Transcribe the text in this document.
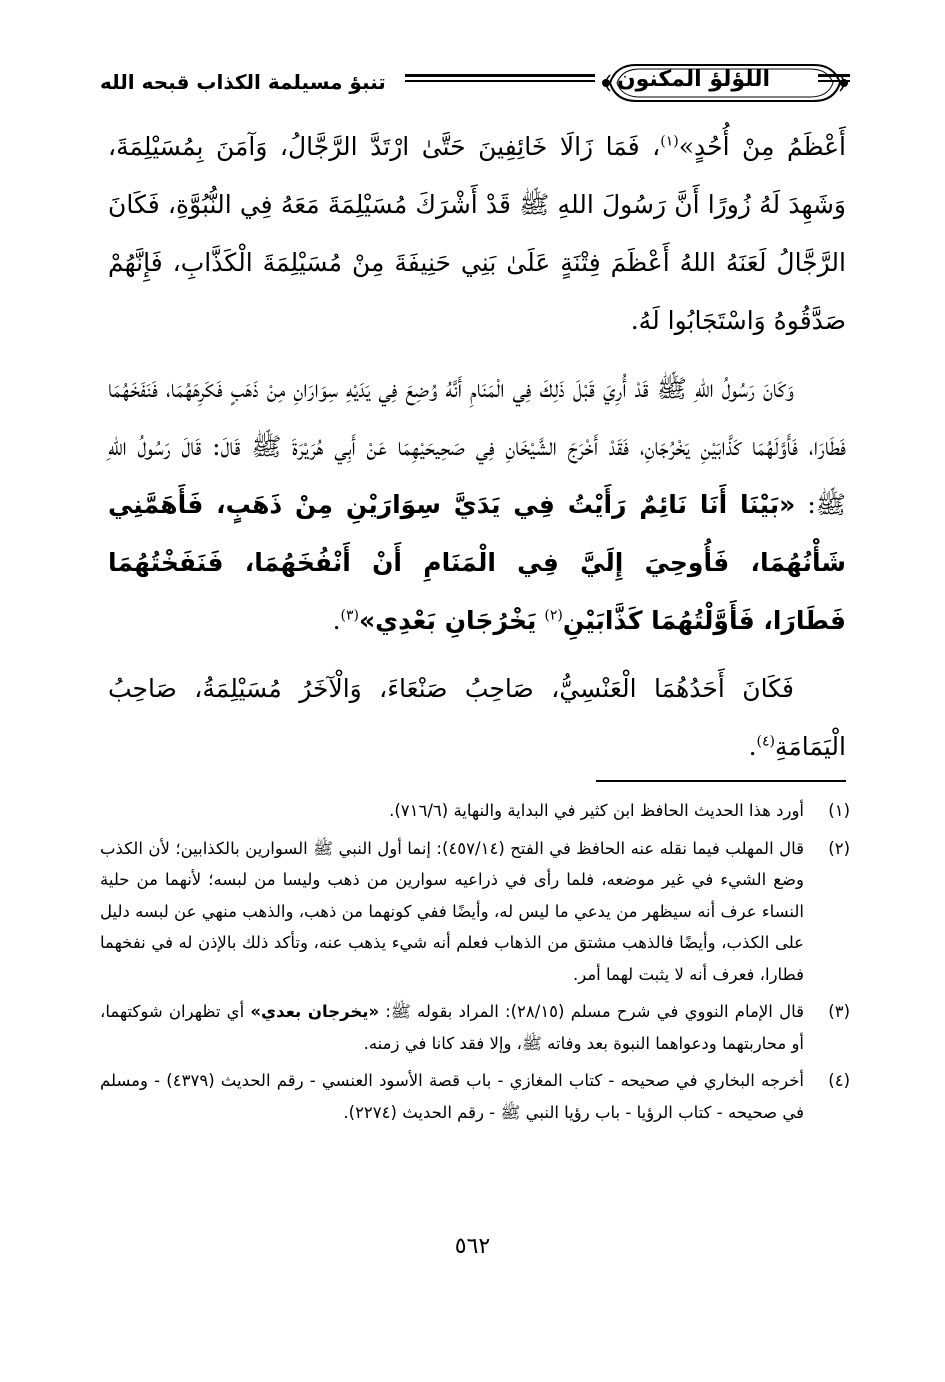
اللؤلؤ المكنون
تنبؤ مسيلمة الكذاب قبحه الله

أَعْظَمُ مِنْ أُحُدٍ»$^{(١)}$، فَمَا زَالَا خَائِفِينَ حَتَّىٰ ارْتَدَّ الرَّجَّالُ، وَآمَنَ بِمُسَيْلِمَةَ، وَشَهِدَ لَهُ زُورًا أَنَّ رَسُولَ اللهِ ﷺ قَدْ أَشْرَكَ مُسَيْلِمَةَ مَعَهُ فِي النُّبُوَّةِ، فَكَانَ الرَّجَّالُ لَعَنَهُ اللهُ أَعْظَمَ فِتْنَةٍ عَلَىٰ بَنِي حَنِيفَةَ مِنْ مُسَيْلِمَةَ الْكَذَّابِ، فَإِنَّهُمْ صَدَّقُوهُ وَاسْتَجَابُوا لَهُ.

وَكَانَ رَسُولُ اللهِ ﷺ قَدْ أُرِيَ قَبْلَ ذَلِكَ فِي الْمَنَامِ أَنَّهُ وُضِعَ فِي يَدَيْهِ سِوَارَانِ مِنْ ذَهَبٍ فَكَرِهَهُمَا، فَنَفَخَهُمَا فَطَارَا، فَأَوَّلَهُمَا كَذَّابَيْنِ يَخْرُجَانِ، فَقَدْ أَخْرَجَ الشَّيْخَانِ فِي صَحِيحَيْهِمَا عَنْ أَبِي هُرَيْرَةَ ﷺ قَالَ: قَالَ رَسُولُ اللهِ ﷺ: «بَيْنَا أَنَا نَائِمٌ رَأَيْتُ فِي يَدَيَّ سِوَارَيْنِ مِنْ ذَهَبٍ، فَأَهَمَّنِي شَأْنُهُمَا، فَأُوحِيَ إِلَيَّ فِي الْمَنَامِ أَنْ أَنْفُخَهُمَا، فَنَفَخْتُهُمَا فَطَارَا، فَأَوَّلْتُهُمَا كَذَّابَيْنِ$^{(٢)}$ يَخْرُجَانِ بَعْدِي»$^{(٣)}$.

فَكَانَ أَحَدُهُمَا الْعَنْسِيُّ، صَاحِبُ صَنْعَاءَ، وَالْآخَرُ مُسَيْلِمَةُ، صَاحِبُ الْيَمَامَةِ$^{(٤)}$.

(١)
أورد هذا الحديث الحافظ ابن كثير في البداية والنهاية (٧١٦/٦).
(٢)
قال المهلب فيما نقله عنه الحافظ في الفتح (٤٥٧/١٤): إنما أول النبي ﷺ السوارين بالكذابين؛ لأن الكذب وضع الشيء في غير موضعه، فلما رأى في ذراعيه سوارين من ذهب وليسا من لبسه؛ لأنهما من حلية النساء عرف أنه سيظهر من يدعي ما ليس له، وأيضًا ففي كونهما من ذهب، والذهب منهي عن لبسه دليل على الكذب، وأيضًا فالذهب مشتق من الذهاب فعلم أنه شيء يذهب عنه، وتأكد ذلك بالإذن له في نفخهما فطارا، فعرف أنه لا يثبت لهما أمر.
(٣)
قال الإمام النووي في شرح مسلم (٢٨/١٥): المراد بقوله ﷺ: «يخرجان بعدي» أي تظهران شوكتهما، أو محاربتهما ودعواهما النبوة بعد وفاته ﷺ، وإلا فقد كانا في زمنه.
(٤)
أخرجه البخاري في صحيحه - كتاب المغازي - باب قصة الأسود العنسي - رقم الحديث (٤٣٧٩) - ومسلم في صحيحه - كتاب الرؤيا - باب رؤيا النبي ﷺ - رقم الحديث (٢٢٧٤).
٥٦٢
